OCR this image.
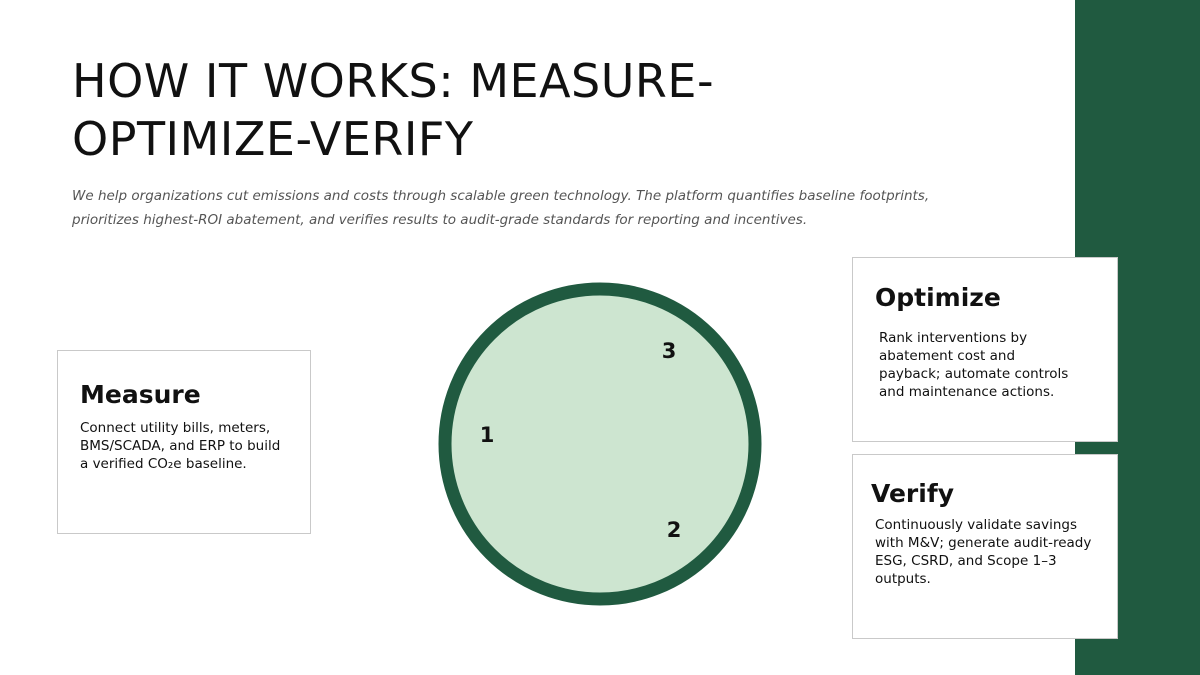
HOW IT WORKS: MEASURE-OPTIMIZE-VERIFY

We help organizations cut emissions and costs through scalable green technology. The platform quantifies baseline footprints, prioritizes highest-ROI abatement, and verifies results to audit-grade standards for reporting and incentives.

1
2
3
Measure

Connect utility bills, meters, BMS/SCADA, and ERP to build a verified CO₂e baseline.

Optimize

Rank interventions by abatement cost and payback; automate controls and maintenance actions.

Verify

Continuously validate savings with M&V; generate audit-ready ESG, CSRD, and Scope 1–3 outputs.
